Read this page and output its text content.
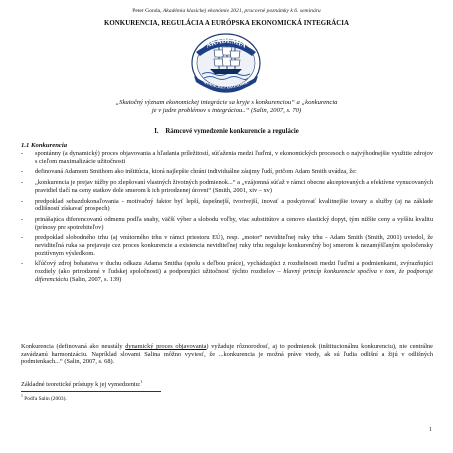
Peter Gonda, Akadémia klasickej ekonómie 2021, pracovné poznámky k 6. semináru
KONKURENCIA, REGULÁCIA A EURÓPSKA EKONOMICKÁ INTEGRÁCIA
AKADÉMIA
KLASICKEJ EKONÓMIE
„Skutočný význam ekonomickej integrácie sa kryje s konkurenciou“ a „konkurencia
je v jadre problémov s integráciou..“ (Salin, 2007, s. 70)
I. Rámcové vymedzenie konkurencie a regulácie
1.1 Konkurencia
-	spontánny (a dynamický) proces objavovania a hľadania príležitostí, súťaženia medzi ľuďmi, v ekonomických procesoch o najvýhodnejšie využitie zdrojov s cieľom maximalizácie užitočnosti
-	definovaná Adamom Smithom ako inštitúcia, ktorá najlepšie chráni individuálne záujmy ľudí, pričom Adam Smith uvádza, že:
-	„konkurencia je prejav túžby po zlepšovaní vlastných životných podmienok...“ a „vzájomná súťaž v rámci obecne akceptovaných a efektívne vynucovaných pravidiel tlačí na ceny statkov dole smerom k ich prirodzenej úrovni“ (Smith, 2001, xiv – xv)
-	predpoklad sebazdokonaľovania - motivačný faktor byť lepší, úspešnejší, tvorivejší, inovať a poskytovať kvalitnejšie tovary a služby (aj na základe odlišností získavať prospech)
-	prinášajúca diferencovanú odmenu podľa snahy, väčší výber a slobodu voľby, viac substitútov a cenovo elastický dopyt, tým nižšie ceny a vyššiu kvalitu (prínosy pre spotrebiteľov)
-	predpoklad slobodného trhu (aj vnútorného trhu v rámci priestoru EÚ), resp. „motor“ neviditeľnej ruky trhu - Adam Smith (Smith, 2001) uviedol, že neviditeľná ruka sa prejavuje cez proces konkurencie a existencia neviditeľnej ruky trhu reguluje konkurenčný boj smerom k nezamýšľaným spoločensky pozitívnym výsledkom.
-	kľúčový zdroj bohatstva v duchu odkazu Adama Smitha (spolu s deľbou práce), vychádzajúci z rozdielnosti medzi ľuďmi a podmienkami, zvýrazňujúci rozdiely (ako prirodzené v ľudskej spoločnosti) a podporujúci užitočnosť týchto rozdielov – hlavný princíp konkurencie spočíva v tom, že podporuje diferenciáciu (Salin, 2007, s. 139)
Konkurencia (definovaná ako neustály dynamický proces objavovania) vyžaduje rôznorodosť, aj to podmienok (inštitucionálnu konkurenciu), nie centrálne zavádzanú harmonizáciu. Napríklad slovami Salina môžno vyviesť, že ...konkurencia je možná práve vtedy, ak sú ľudia odlišní a žijú v odlišných podmienkach...“ (Salin, 2007, s. 68).
Základné teoretické prístupy k jej vymedzeniu:$^1$
$^1$ Podľa Salin (2003).
1
